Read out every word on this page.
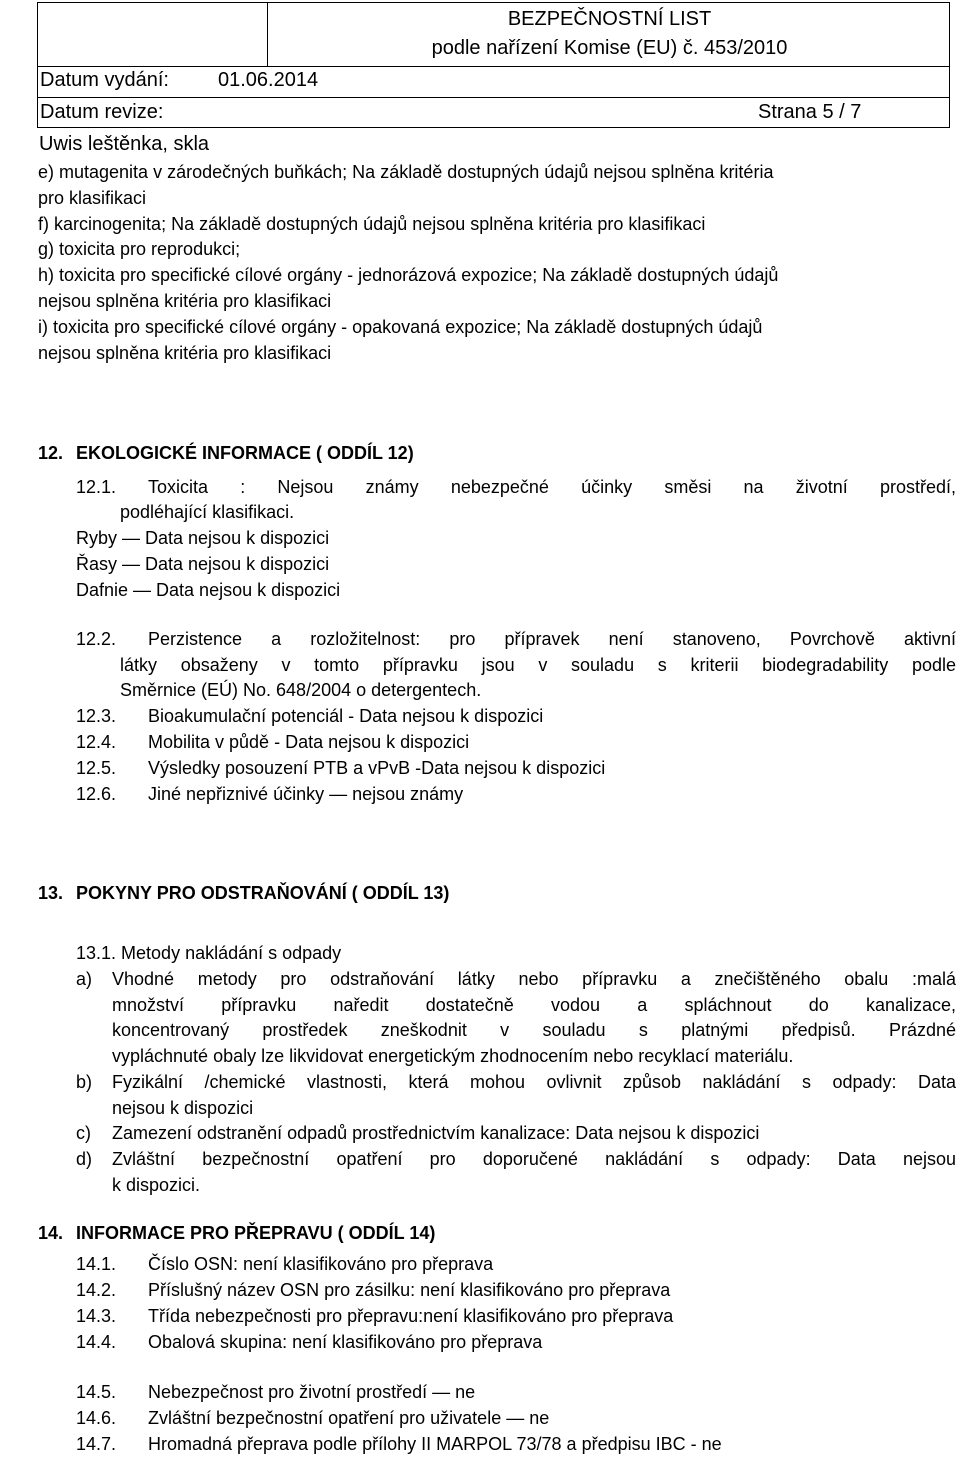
BEZPEČNOSTNÍ LIST
podle nařízení Komise (EU) č. 453/2010
Datum vydání: 01.06.2014
Datum revize:	Strana 5 / 7
Uwis leštěnka, skla
e) mutagenita v zárodečných buňkách; Na základě dostupných údajů nejsou splněna kritéria
pro klasifikaci
f) karcinogenita; Na základě dostupných údajů nejsou splněna kritéria pro klasifikaci
g) toxicita pro reprodukci;
h) toxicita pro specifické cílové orgány - jednorázová expozice; Na základě dostupných údajů
nejsou splněna kritéria pro klasifikaci
i) toxicita pro specifické cílové orgány - opakovaná expozice; Na základě dostupných údajů
nejsou splněna kritéria pro klasifikaci
12. EKOLOGICKÉ INFORMACE ( ODDÍL 12)
12.1. Toxicita : Nejsou známy nebezpečné účinky směsi na životní prostředí,
podléhající klasifikaci.
Ryby — Data nejsou k dispozici
Řasy — Data nejsou k dispozici
Dafnie — Data nejsou k dispozici
12.2. Perzistence a rozložitelnost: pro přípravek není stanoveno, Povrchově aktivní
látky obsaženy v tomto přípravku jsou v souladu s kriterii biodegradability podle
Směrnice (EÚ) No. 648/2004 o detergentech.
12.3. Bioakumulační potenciál - Data nejsou k dispozici
12.4. Mobilita v půdě - Data nejsou k dispozici
12.5. Výsledky posouzení PTB a vPvB -Data nejsou k dispozici
12.6. Jiné nepřiznivé účinky — nejsou známy
13. POKYNY PRO ODSTRAŇOVÁNÍ ( ODDÍL 13)
13.1. Metody nakládání s odpady
a) Vhodné metody pro odstraňování látky nebo přípravku a znečištěného obalu :malá
množství přípravku naředit dostatečně vodou a spláchnout do kanalizace,
koncentrovaný prostředek zneškodnit v souladu s platnými předpisů. Prázdné
vypláchnuté obaly lze likvidovat energetickým zhodnocením nebo recyklací materiálu.
b) Fyzikální /chemické vlastnosti, která mohou ovlivnit způsob nakládání s odpady: Data
nejsou k dispozici
c) Zamezení odstranění odpadů prostřednictvím kanalizace: Data nejsou k dispozici
d) Zvláštní bezpečnostní opatření pro doporučené nakládání s odpady: Data nejsou
k dispozici.
14. INFORMACE PRO PŘEPRAVU ( ODDÍL 14)
14.1. Číslo OSN: není klasifikováno pro přeprava
14.2. Příslušný název OSN pro zásilku: není klasifikováno pro přeprava
14.3. Třída nebezpečnosti pro přepravu:není klasifikováno pro přeprava
14.4. Obalová skupina: není klasifikováno pro přeprava
14.5. Nebezpečnost pro životní prostředí — ne
14.6. Zvláštní bezpečnostní opatření pro uživatele — ne
14.7. Hromadná přeprava podle přílohy II MARPOL 73/78 a předpisu IBC - ne
